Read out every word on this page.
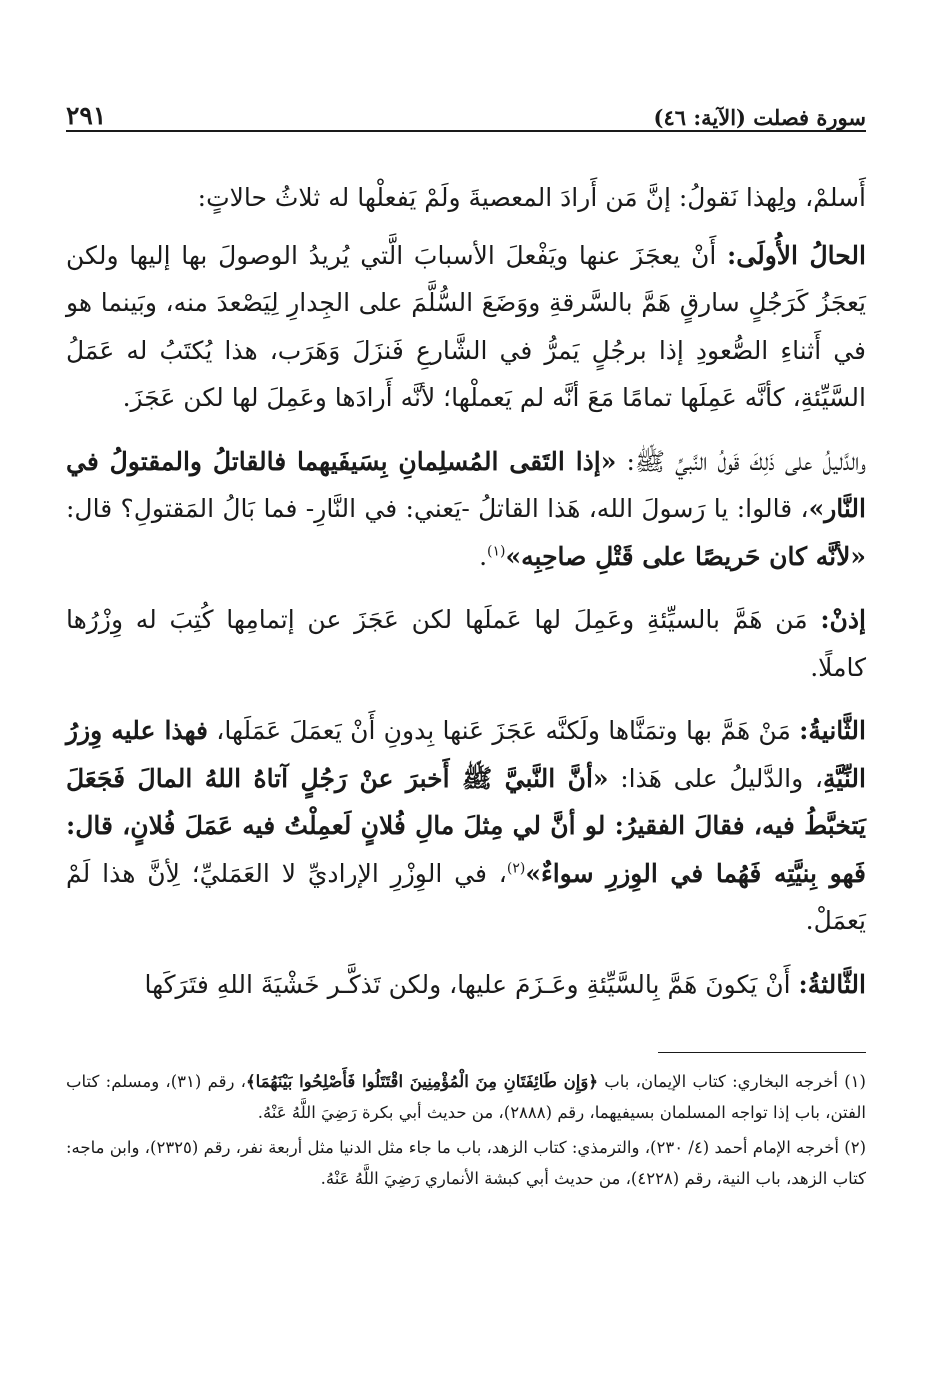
سورة فصلت (الآية: ٤٦)
٢٩١

أَسلمْ، ولِهذا نَقولُ: إنَّ مَن أَرادَ المعصيةَ ولَمْ يَفعلْها له ثلاثُ حالاتٍ:

الحالُ الأُولَى: أَنْ يعجَزَ عنها ويَفْعلَ الأسبابَ الَّتي يُريدُ الوصولَ بها إليها ولكن يَعجَزُ كَرَجُلٍ سارقٍ هَمَّ بالسَّرقةِ ووَضَعَ السُّلَّمَ على الجِدارِ لِيَصْعدَ منه، وبَينما هو في أَثناءِ الصُّعودِ إذا برجُلٍ يَمرُّ في الشَّارعِ فَنزَلَ وَهَرَب، هذا يُكتَبُ له عَمَلُ السَّيِّئةِ، كأنَّه عَمِلَها تمامًا مَعَ أنَّه لم يَعملْها؛ لأنَّه أَرادَها وعَمِلَ لها لكن عَجَزَ.

والدَّليلُ على ذَلِكَ قَولُ النَّبيِّ ﷺ: «إذا التَقى المُسلِمانِ بِسَيفَيهما فالقاتلُ والمقتولُ في النَّار»، قالوا: يا رَسولَ الله، هَذا القاتلُ -يَعني: في النَّارِ- فما بَالُ المَقتولِ؟ قال: «لأنَّه كان حَريصًا على قَتْلِ صاحِبِه»$^{(١)}$.

إذنْ: مَن هَمَّ بالسيِّئةِ وعَمِلَ لها عَملَها لكن عَجَزَ عن إتمامِها كُتِبَ له وِزْرُها كاملًا.

الثَّانيةُ: مَنْ هَمَّ بها وتمَنَّاها ولَكنَّه عَجَزَ عَنها بِدونِ أَنْ يَعمَلَ عَمَلَها، فهذا عليه وِزرُ النِّيَّةِ، والدَّليلُ على هَذا: «أنَّ النَّبيَّ ﷺ أَخبرَ عنْ رَجُلٍ آتاهُ اللهُ المالَ فَجَعَلَ يَتخبَّطُ فيه، فقالَ الفقيرُ: لو أنَّ لي مِثلَ مالِ فُلانٍ لَعمِلْتُ فيه عَمَلَ فُلانٍ، قال: فَهو بِنيَّتِه فَهُما في الوِزرِ سواءٌ»$^{(٢)}$، في الوِزْرِ الإراديِّ لا العَمَليِّ؛ لِأنَّ هذا لَمْ يَعمَلْ.

الثَّالثةُ: أَنْ يَكونَ هَمَّ بِالسَّيِّئةِ وعَـزَمَ عليها، ولكن تَذكَّـر خَشْيَةَ اللهِ فتَرَكَها

(١) أخرجه البخاري: كتاب الإيمان، باب ﴿وَإِن طَائِفَتَانِ مِنَ الْمُؤْمِنِينَ اقْتَتَلُوا فَأَصْلِحُوا بَيْنَهُمَا﴾، رقم (٣١)، ومسلم: كتاب الفتن، باب إذا تواجه المسلمان بسيفيهما، رقم (٢٨٨٨)، من حديث أبي بكرة رَضِيَ اللَّهُ عَنْهُ.

(٢) أخرجه الإمام أحمد (٤/ ٢٣٠)، والترمذي: كتاب الزهد، باب ما جاء مثل الدنيا مثل أربعة نفر، رقم (٢٣٢٥)، وابن ماجه: كتاب الزهد، باب النية، رقم (٤٢٢٨)، من حديث أبي كبشة الأنماري رَضِيَ اللَّهُ عَنْهُ.
